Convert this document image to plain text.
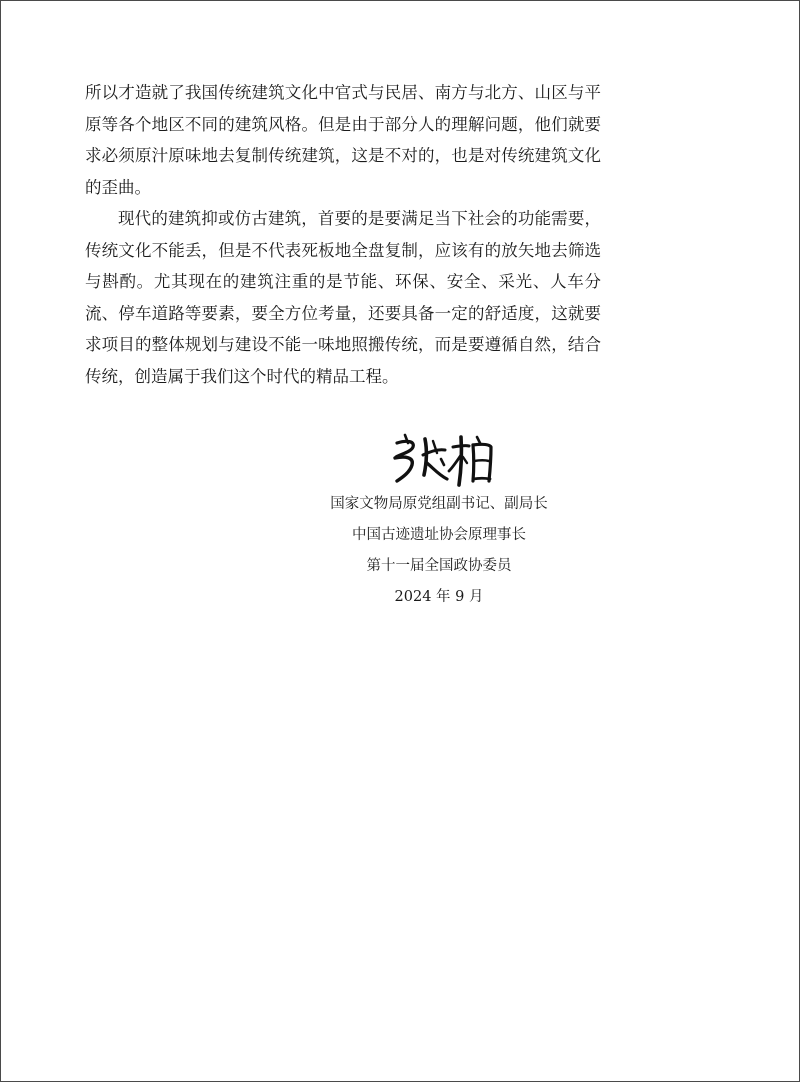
所以才造就了我国传统建筑文化中官式与民居、南方与北方、山区与平原等各个地区不同的建筑风格。但是由于部分人的理解问题，他们就要求必须原汁原味地去复制传统建筑，这是不对的，也是对传统建筑文化的歪曲。

现代的建筑抑或仿古建筑，首要的是要满足当下社会的功能需要，传统文化不能丢，但是不代表死板地全盘复制，应该有的放矢地去筛选与斟酌。尤其现在的建筑注重的是节能、环保、安全、采光、人车分流、停车道路等要素，要全方位考量，还要具备一定的舒适度，这就要求项目的整体规划与建设不能一味地照搬传统，而是要遵循自然，结合传统，创造属于我们这个时代的精品工程。

国家文物局原党组副书记、副局长
中国古迹遗址协会原理事长
第十一届全国政协委员
2024 年 9 月
